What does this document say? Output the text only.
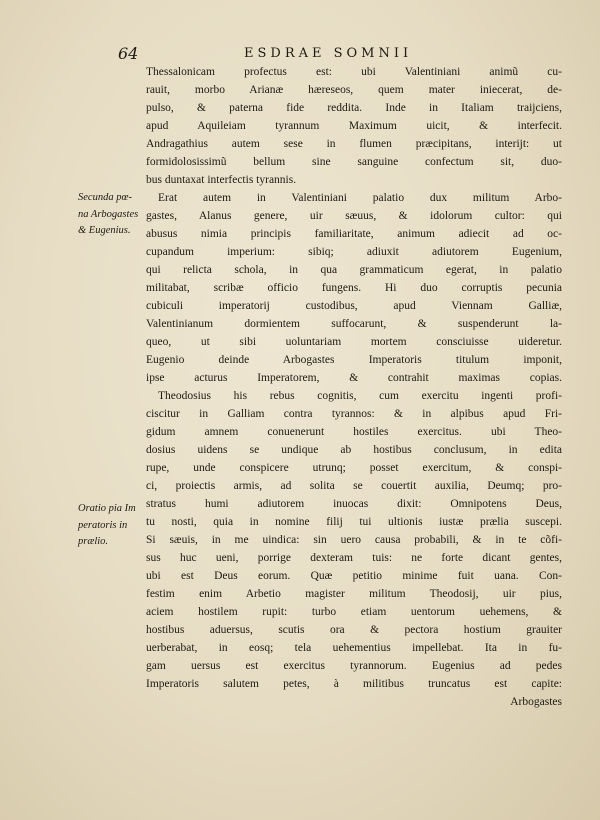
64	ESDRAE SOMNII
Secunda pœ-
na Arbogastes
& Eugenius.
Oratio pia Im
peratoris in
prælio.
Thessalonicam profectus est: ubi Valentiniani animũ cu-
rauit, morbo Arianæ hæreseos, quem mater iniecerat, de-
pulso, & paterna fide reddita. Inde in Italiam traijciens,
apud Aquileiam tyrannum Maximum uicit, & interfecit.
Andragathius autem sese in flumen præcipitans, interijt: ut
formidolosissimũ bellum sine sanguine confectum sit, duo-
bus duntaxat interfectis tyrannis.
Erat autem in Valentiniani palatio dux militum Arbo-
gastes, Alanus genere, uir sæuus, & idolorum cultor: qui
abusus nimia principis familiaritate, animum adiecit ad oc-
cupandum imperium: sibiq; adiuxit adiutorem Eugenium,
qui relicta schola, in qua grammaticum egerat, in palatio
militabat, scribæ officio fungens. Hi duo corruptis pecunia
cubiculi imperatorij custodibus, apud Viennam Galliæ,
Valentinianum dormientem suffocarunt, & suspenderunt la-
queo, ut sibi uoluntariam mortem consciuisse uideretur.
Eugenio deinde Arbogastes Imperatoris titulum imponit,
ipse acturus Imperatorem, & contrahit maximas copias.
Theodosius his rebus cognitis, cum exercitu ingenti profi-
ciscitur in Galliam contra tyrannos: & in alpibus apud Fri-
gidum amnem conuenerunt hostiles exercitus. ubi Theo-
dosius uidens se undique ab hostibus conclusum, in edita
rupe, unde conspicere utrunq; posset exercitum, & conspi-
ci, proiectis armis, ad solita se couertit auxilia, Deumq; pro-
stratus humi adiutorem inuocas dixit: Omnipotens Deus,
tu nosti, quia in nomine filij tui ultionis iustæ prælia suscepi.
Si sæuis, in me uindica: sin uero causa probabili, & in te cõfi-
sus huc ueni, porrige dexteram tuis: ne forte dicant gentes,
ubi est Deus eorum. Quæ petitio minime fuit uana. Con-
festim enim Arbetio magister militum Theodosij, uir pius,
aciem hostilem rupit: turbo etiam uentorum uehemens, &
hostibus aduersus, scutis ora & pectora hostium grauiter
uerberabat, in eosq; tela uehementius impellebat. Ita in fu-
gam uersus est exercitus tyrannorum. Eugenius ad pedes
Imperatoris salutem petes, à militibus truncatus est capite:
Arbogastes
